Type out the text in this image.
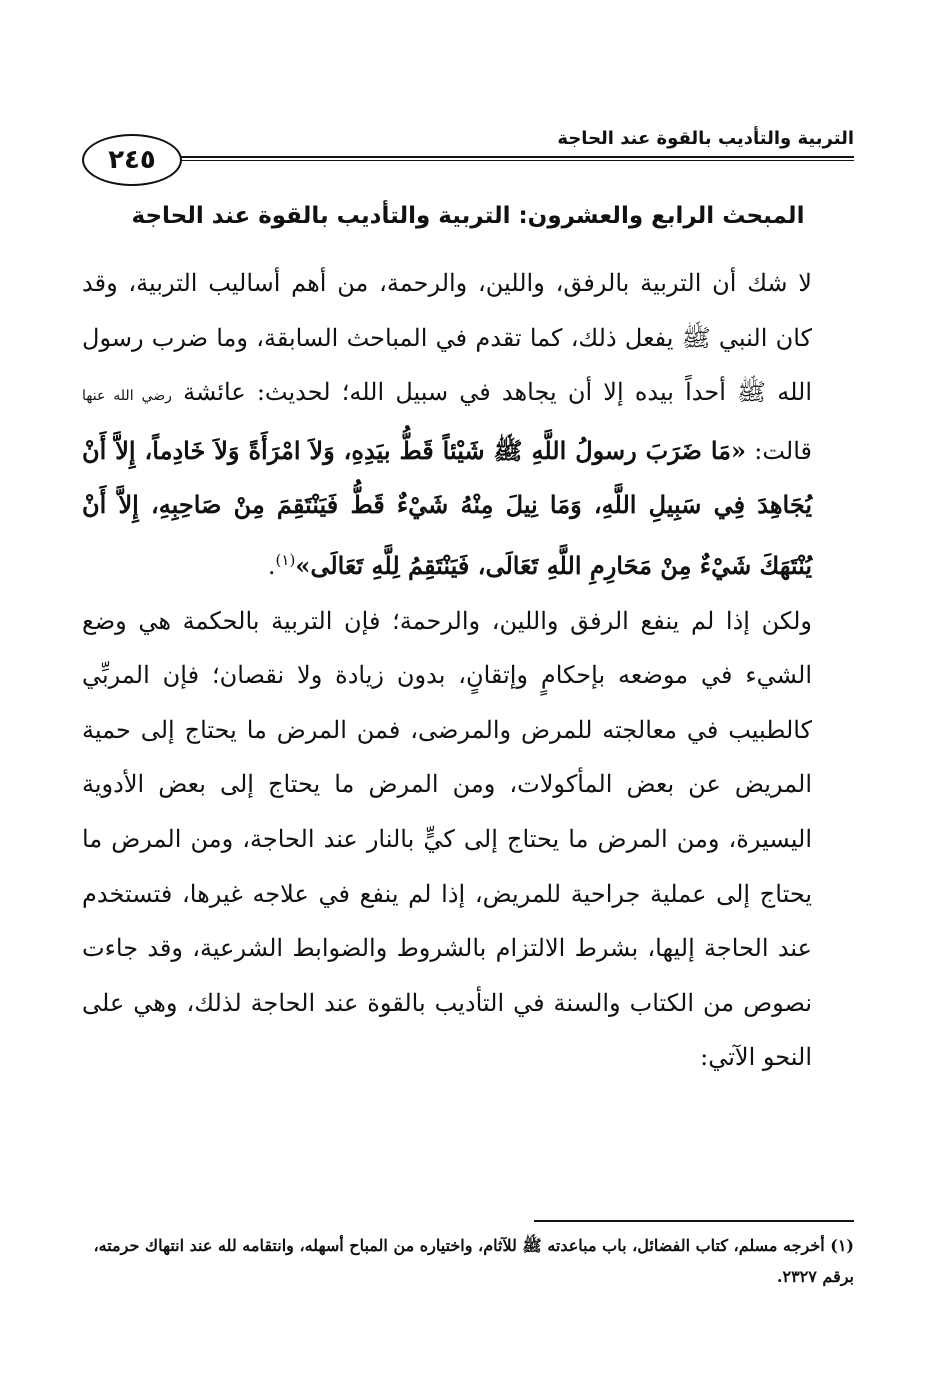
التربية والتأديب بالقوة عند الحاجة
٢٤٥
المبحث الرابع والعشرون: التربية والتأديب بالقوة عند الحاجة

لا شك أن التربية بالرفق، واللين، والرحمة، من أهم أساليب التربية، وقد كان النبي ﷺ يفعل ذلك، كما تقدم في المباحث السابقة، وما ضرب رسول الله ﷺ أحداً بيده إلا أن يجاهد في سبيل الله؛ لحديث: عائشة رضي الله عنها قالت: «مَا ضَرَبَ رسولُ اللَّهِ ﷺ شَيْئاً قَطُّ بيَدِهِ، وَلاَ امْرَأَةً وَلاَ خَادِماً، إِلاَّ أَنْ يُجَاهِدَ فِي سَبِيلِ اللَّهِ، وَمَا نِيلَ مِنْهُ شَيْءٌ قَطُّ فَيَنْتَقِمَ مِنْ صَاحِبِهِ، إِلاَّ أَنْ يُنْتَهَكَ شَيْءٌ مِنْ مَحَارِمِ اللَّهِ تَعَالَى، فَيَنْتَقِمُ لِلَّهِ تَعَالَى»$^{(١)}$.

ولكن إذا لم ينفع الرفق واللين، والرحمة؛ فإن التربية بالحكمة هي وضع الشيء في موضعه بإحكامٍ وإتقانٍ، بدون زيادة ولا نقصان؛ فإن المربِّي كالطبيب في معالجته للمرض والمرضى، فمن المرض ما يحتاج إلى حمية المريض عن بعض المأكولات، ومن المرض ما يحتاج إلى بعض الأدوية اليسيرة، ومن المرض ما يحتاج إلى كيٍّ بالنار عند الحاجة، ومن المرض ما يحتاج إلى عملية جراحية للمريض، إذا لم ينفع في علاجه غيرها، فتستخدم عند الحاجة إليها، بشرط الالتزام بالشروط والضوابط الشرعية، وقد جاءت نصوص من الكتاب والسنة في التأديب بالقوة عند الحاجة لذلك، وهي على النحو الآتي:

(١) أخرجه مسلم، كتاب الفضائل، باب مباعدته ﷺ للآثام، واختياره من المباح أسهله، وانتقامه لله عند انتهاك حرمته، برقم ٢٣٢٧.
